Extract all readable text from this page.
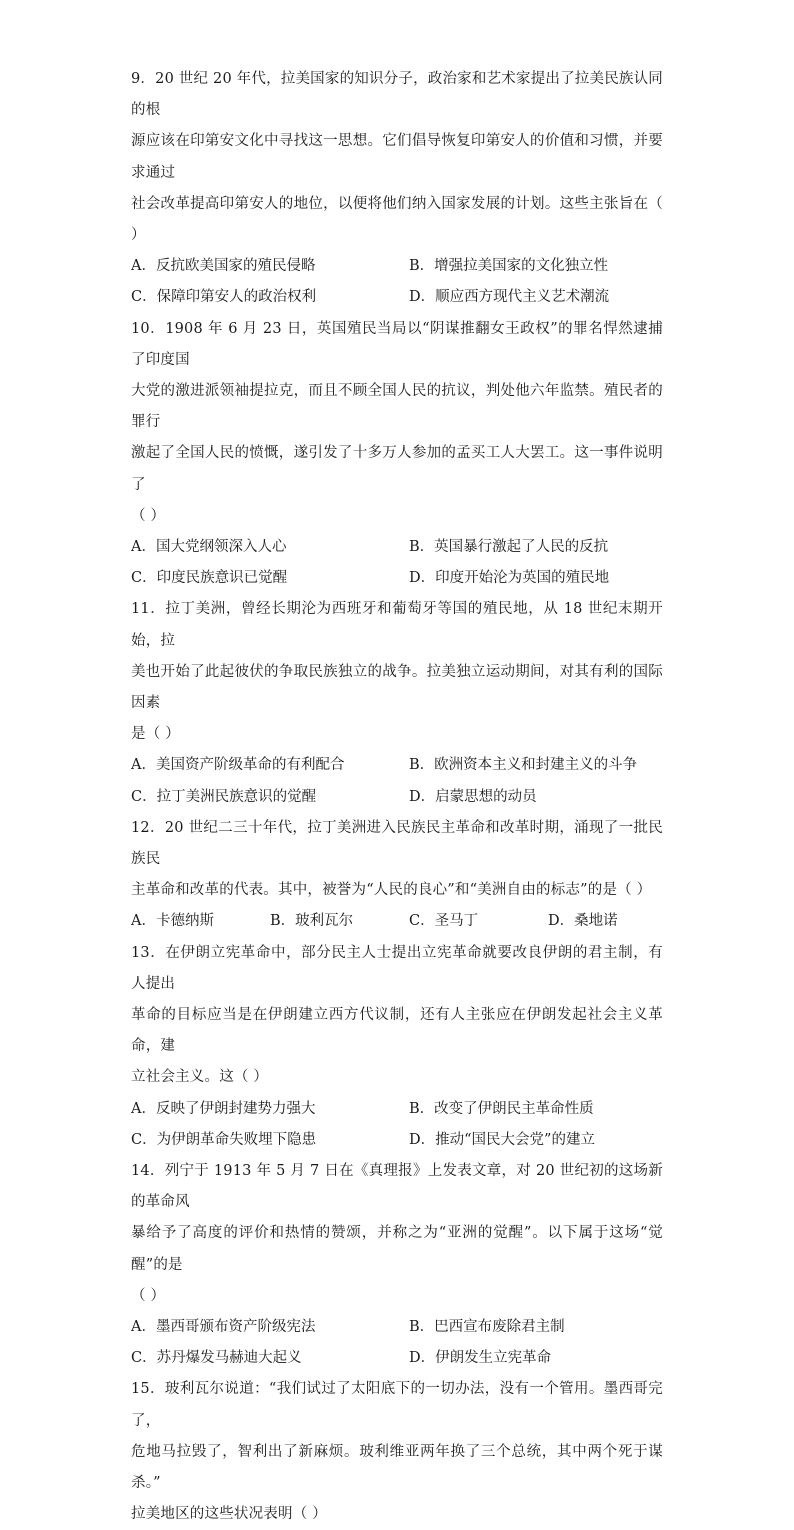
9．20 世纪 20 年代，拉美国家的知识分子，政治家和艺术家提出了拉美民族认同的根
源应该在印第安文化中寻找这一思想。它们倡导恢复印第安人的价值和习惯，并要求通过
社会改革提高印第安人的地位，以便将他们纳入国家发展的计划。这些主张旨在（ ）
A．反抗欧美国家的殖民侵略	B．增强拉美国家的文化独立性
C．保障印第安人的政治权利	D．顺应西方现代主义艺术潮流
10．1908 年 6 月 23 日，英国殖民当局以“阴谋推翻女王政权”的罪名悍然逮捕了印度国
大党的激进派领袖提拉克，而且不顾全国人民的抗议，判处他六年监禁。殖民者的罪行
激起了全国人民的愤慨，遂引发了十多万人参加的孟买工人大罢工。这一事件说明了
（ ）
A．国大党纲领深入人心	B．英国暴行激起了人民的反抗
C．印度民族意识已觉醒	D．印度开始沦为英国的殖民地
11．拉丁美洲，曾经长期沦为西班牙和葡萄牙等国的殖民地，从 18 世纪末期开始，拉
美也开始了此起彼伏的争取民族独立的战争。拉美独立运动期间，对其有利的国际因素
是（ ）
A．美国资产阶级革命的有利配合	B．欧洲资本主义和封建主义的斗争
C．拉丁美洲民族意识的觉醒	D．启蒙思想的动员
12．20 世纪二三十年代，拉丁美洲进入民族民主革命和改革时期，涌现了一批民族民
主革命和改革的代表。其中，被誉为“人民的良心”和“美洲自由的标志”的是（ ）
A．卡德纳斯	B．玻利瓦尔	C．圣马丁	D．桑地诺
13．在伊朗立宪革命中，部分民主人士提出立宪革命就要改良伊朗的君主制，有人提出
革命的目标应当是在伊朗建立西方代议制，还有人主张应在伊朗发起社会主义革命，建
立社会主义。这（ ）
A．反映了伊朗封建势力强大	B．改变了伊朗民主革命性质
C．为伊朗革命失败埋下隐患	D．推动“国民大会党”的建立
14．列宁于 1913 年 5 月 7 日在《真理报》上发表文章，对 20 世纪初的这场新的革命风
暴给予了高度的评价和热情的赞颂，并称之为“亚洲的觉醒”。以下属于这场“觉醒”的是
（ ）
A．墨西哥颁布资产阶级宪法	B．巴西宣布废除君主制
C．苏丹爆发马赫迪大起义	D．伊朗发生立宪革命
15．玻利瓦尔说道：“我们试过了太阳底下的一切办法，没有一个管用。墨西哥完了，
危地马拉毁了，智利出了新麻烦。玻利维亚两年换了三个总统，其中两个死于谋杀。”
拉美地区的这些状况表明（ ）
